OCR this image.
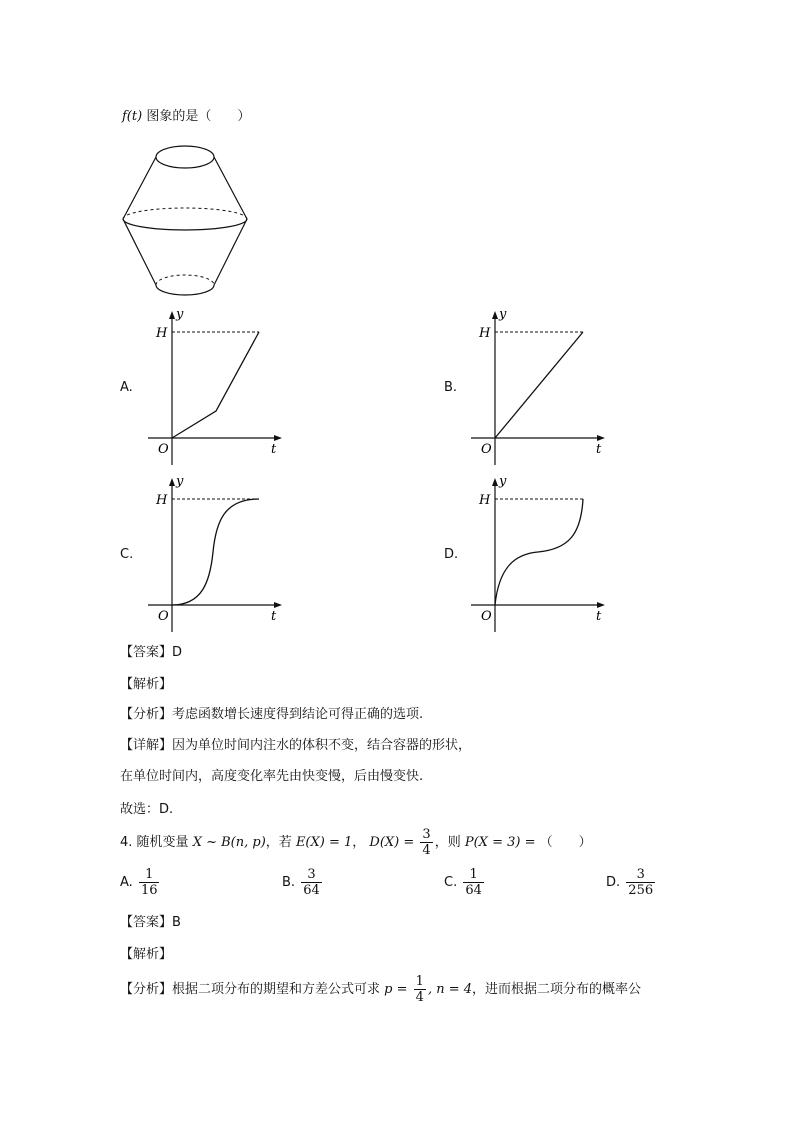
f(t) 图象的是（　　）
A.	B.
C.	D.
y
H
O	t
y
H
O	t
y
H
O	t
y
H
O	t
【答案】D
【解析】
【分析】考虑函数增长速度得到结论可得正确的选项.
【详解】因为单位时间内注水的体积不变，结合容器的形状，
在单位时间内，高度变化率先由快变慢，后由慢变快.
故选：D.
4. 随机变量 X ~ B(n, p)，若 E(X) = 1， $D(X) = \frac{3}{4}$ ，则 P(X = 3) = （　　）
A. $\frac{1}{16}$	B. $\frac{3}{64}$	C. $\frac{1}{64}$	D. $\frac{3}{256}$
【答案】B
【解析】
【分析】根据二项分布的期望和方差公式可求 $p = \frac{1}{4}$ , n = 4，进而根据二项分布的概率公
